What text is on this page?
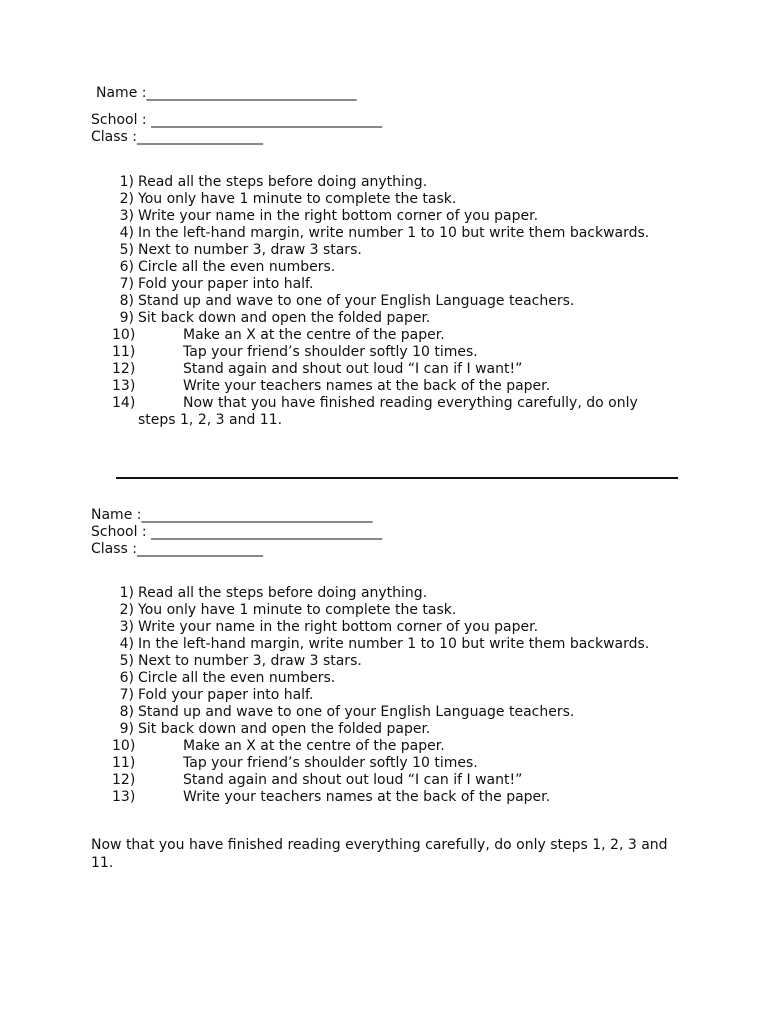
Name :______________________________
School : _________________________________
Class :__________________
1) Read all the steps before doing anything.
2) You only have 1 minute to complete the task.
3) Write your name in the right bottom corner of you paper.
4) In the left-hand margin, write number 1 to 10 but write them backwards.
5) Next to number 3, draw 3 stars.
6) Circle all the even numbers.
7) Fold your paper into half.
8) Stand up and wave to one of your English Language teachers.
9) Sit back down and open the folded paper.
10)	Make an X at the centre of the paper.
11)	Tap your friend’s shoulder softly 10 times.
12)	Stand again and shout out loud “I can if I want!”
13)	Write your teachers names at the back of the paper.
14)	Now that you have finished reading everything carefully, do only steps 1, 2, 3 and 11.
Name :_________________________________
School : _________________________________
Class :__________________
1) Read all the steps before doing anything.
2) You only have 1 minute to complete the task.
3) Write your name in the right bottom corner of you paper.
4) In the left-hand margin, write number 1 to 10 but write them backwards.
5) Next to number 3, draw 3 stars.
6) Circle all the even numbers.
7) Fold your paper into half.
8) Stand up and wave to one of your English Language teachers.
9) Sit back down and open the folded paper.
10)	Make an X at the centre of the paper.
11)	Tap your friend’s shoulder softly 10 times.
12)	Stand again and shout out loud “I can if I want!”
13)	Write your teachers names at the back of the paper.
Now that you have finished reading everything carefully, do only steps 1, 2, 3 and 11.
